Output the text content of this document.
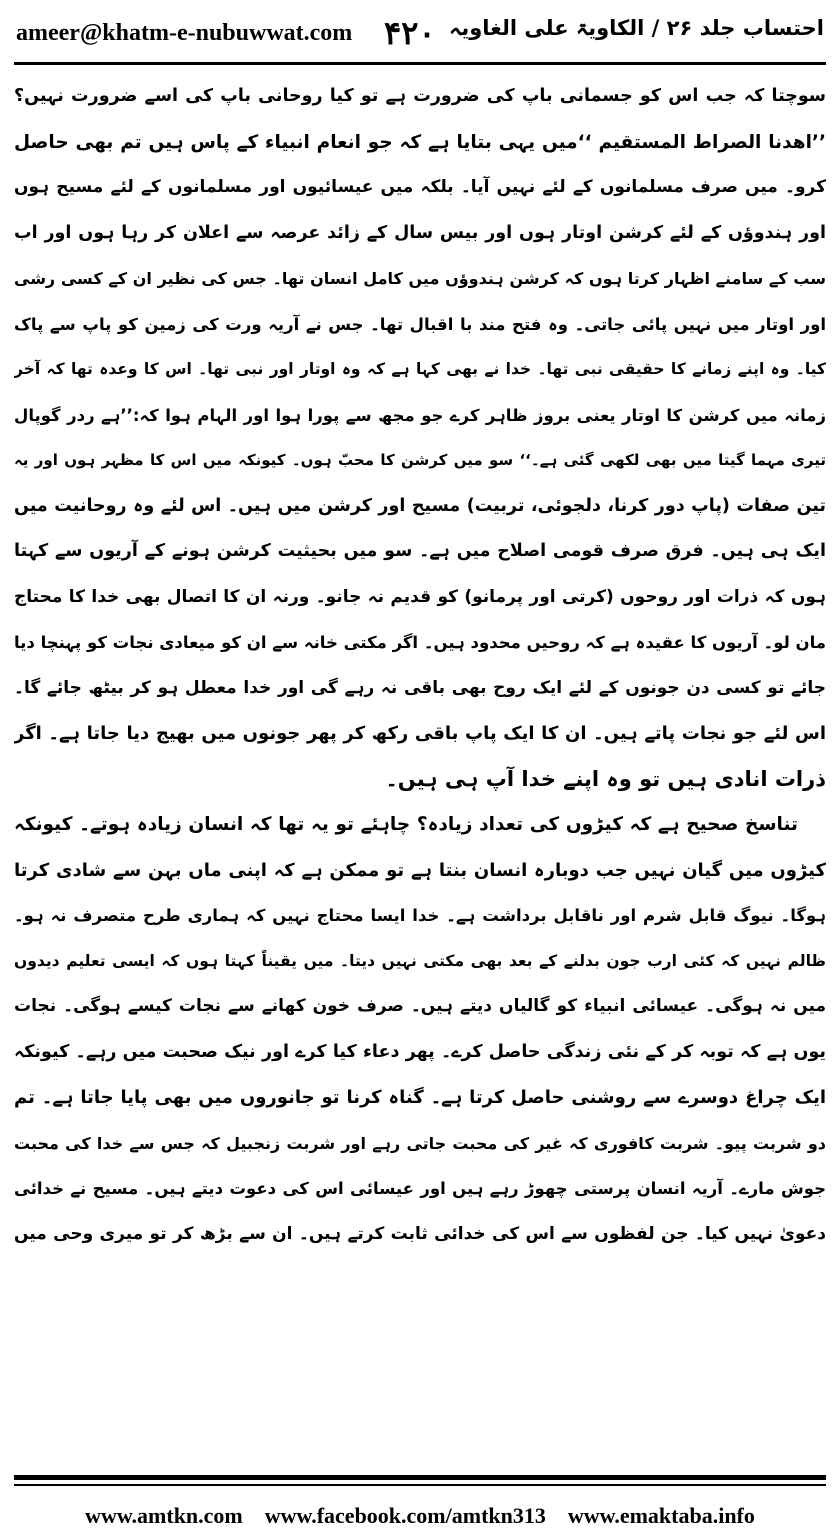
ameer@khatm-e-nubuwwat.com ۴۲۰ احتساب جلد ۲۶ / الکاویۃ علی الغاویہ
سوچتا کہ جب اس کو جسمانی باپ کی ضرورت ہے تو کیا روحانی باپ کی اسے ضرورت نہیں؟
’’اھدنا الصراط المستقیم ‘‘میں یہی بتایا ہے کہ جو انعام انبیاء کے پاس ہیں تم بھی حاصل
کرو۔ میں صرف مسلمانوں کے لئے نہیں آیا۔ بلکہ میں عیسائیوں اور مسلمانوں کے لئے مسیح ہوں
اور ہندوؤں کے لئے کرشن اوتار ہوں اور بیس سال کے زائد عرصہ سے اعلان کر رہا ہوں اور اب
سب کے سامنے اظہار کرتا ہوں کہ کرشن ہندوؤں میں کامل انسان تھا۔ جس کی نظیر ان کے کسی رشی
اور اوتار میں نہیں پائی جاتی۔ وہ فتح مند با اقبال تھا۔ جس نے آریہ ورت کی زمین کو پاپ سے پاک
کیا۔ وہ اپنے زمانے کا حقیقی نبی تھا۔ خدا نے بھی کہا ہے کہ وہ اوتار اور نبی تھا۔ اس کا وعدہ تھا کہ آخر
زمانہ میں کرشن کا اوتار یعنی بروز ظاہر کرے جو مجھ سے پورا ہوا اور الہام ہوا کہ:’’ہے ردر گوپال
تیری مہما گیتا میں بھی لکھی گئی ہے۔‘‘ سو میں کرشن کا محبّ ہوں۔ کیونکہ میں اس کا مظہر ہوں اور یہ
تین صفات (پاپ دور کرنا، دلجوئی، تربیت) مسیح اور کرشن میں ہیں۔ اس لئے وہ روحانیت میں
ایک ہی ہیں۔ فرق صرف قومی اصلاح میں ہے۔ سو میں بحیثیت کرشن ہونے کے آریوں سے کہتا
ہوں کہ ذرات اور روحوں (کرتی اور پرمانو) کو قدیم نہ جانو۔ ورنہ ان کا اتصال بھی خدا کا محتاج
مان لو۔ آریوں کا عقیدہ ہے کہ روحیں محدود ہیں۔ اگر مکتی خانہ سے ان کو میعادی نجات کو پہنچا دیا
جائے تو کسی دن جونوں کے لئے ایک روح بھی باقی نہ رہے گی اور خدا معطل ہو کر بیٹھ جائے گا۔
اس لئے جو نجات پاتے ہیں۔ ان کا ایک پاپ باقی رکھ کر پھر جونوں میں بھیج دیا جاتا ہے۔ اگر
ذرات انادی ہیں تو وہ اپنے خدا آپ ہی ہیں۔
تناسخ صحیح ہے کہ کیڑوں کی تعداد زیادہ؟ چاہئے تو یہ تھا کہ انسان زیادہ ہوتے۔ کیونکہ
کیڑوں میں گیان نہیں جب دوبارہ انسان بنتا ہے تو ممکن ہے کہ اپنی ماں بہن سے شادی کرتا
ہوگا۔ نیوگ قابل شرم اور ناقابل برداشت ہے۔ خدا ایسا محتاج نہیں کہ ہماری طرح متصرف نہ ہو۔
ظالم نہیں کہ کئی ارب جون بدلنے کے بعد بھی مکتی نہیں دیتا۔ میں یقیناً کہتا ہوں کہ ایسی تعلیم دیدوں
میں نہ ہوگی۔ عیسائی انبیاء کو گالیاں دیتے ہیں۔ صرف خون کھانے سے نجات کیسے ہوگی۔ نجات
یوں ہے کہ توبہ کر کے نئی زندگی حاصل کرے۔ پھر دعاء کیا کرے اور نیک صحبت میں رہے۔ کیونکہ
ایک چراغ دوسرے سے روشنی حاصل کرتا ہے۔ گناہ کرنا تو جانوروں میں بھی پایا جاتا ہے۔ تم
دو شربت پیو۔ شربت کافوری کہ غیر کی محبت جاتی رہے اور شربت زنجبیل کہ جس سے خدا کی محبت
جوش مارے۔ آریہ انسان پرستی چھوڑ رہے ہیں اور عیسائی اس کی دعوت دیتے ہیں۔ مسیح نے خدائی
دعویٰ نہیں کیا۔ جن لفظوں سے اس کی خدائی ثابت کرتے ہیں۔ ان سے بڑھ کر تو میری وحی میں
www.amtkn.com www.facebook.com/amtkn313 www.emaktaba.info
